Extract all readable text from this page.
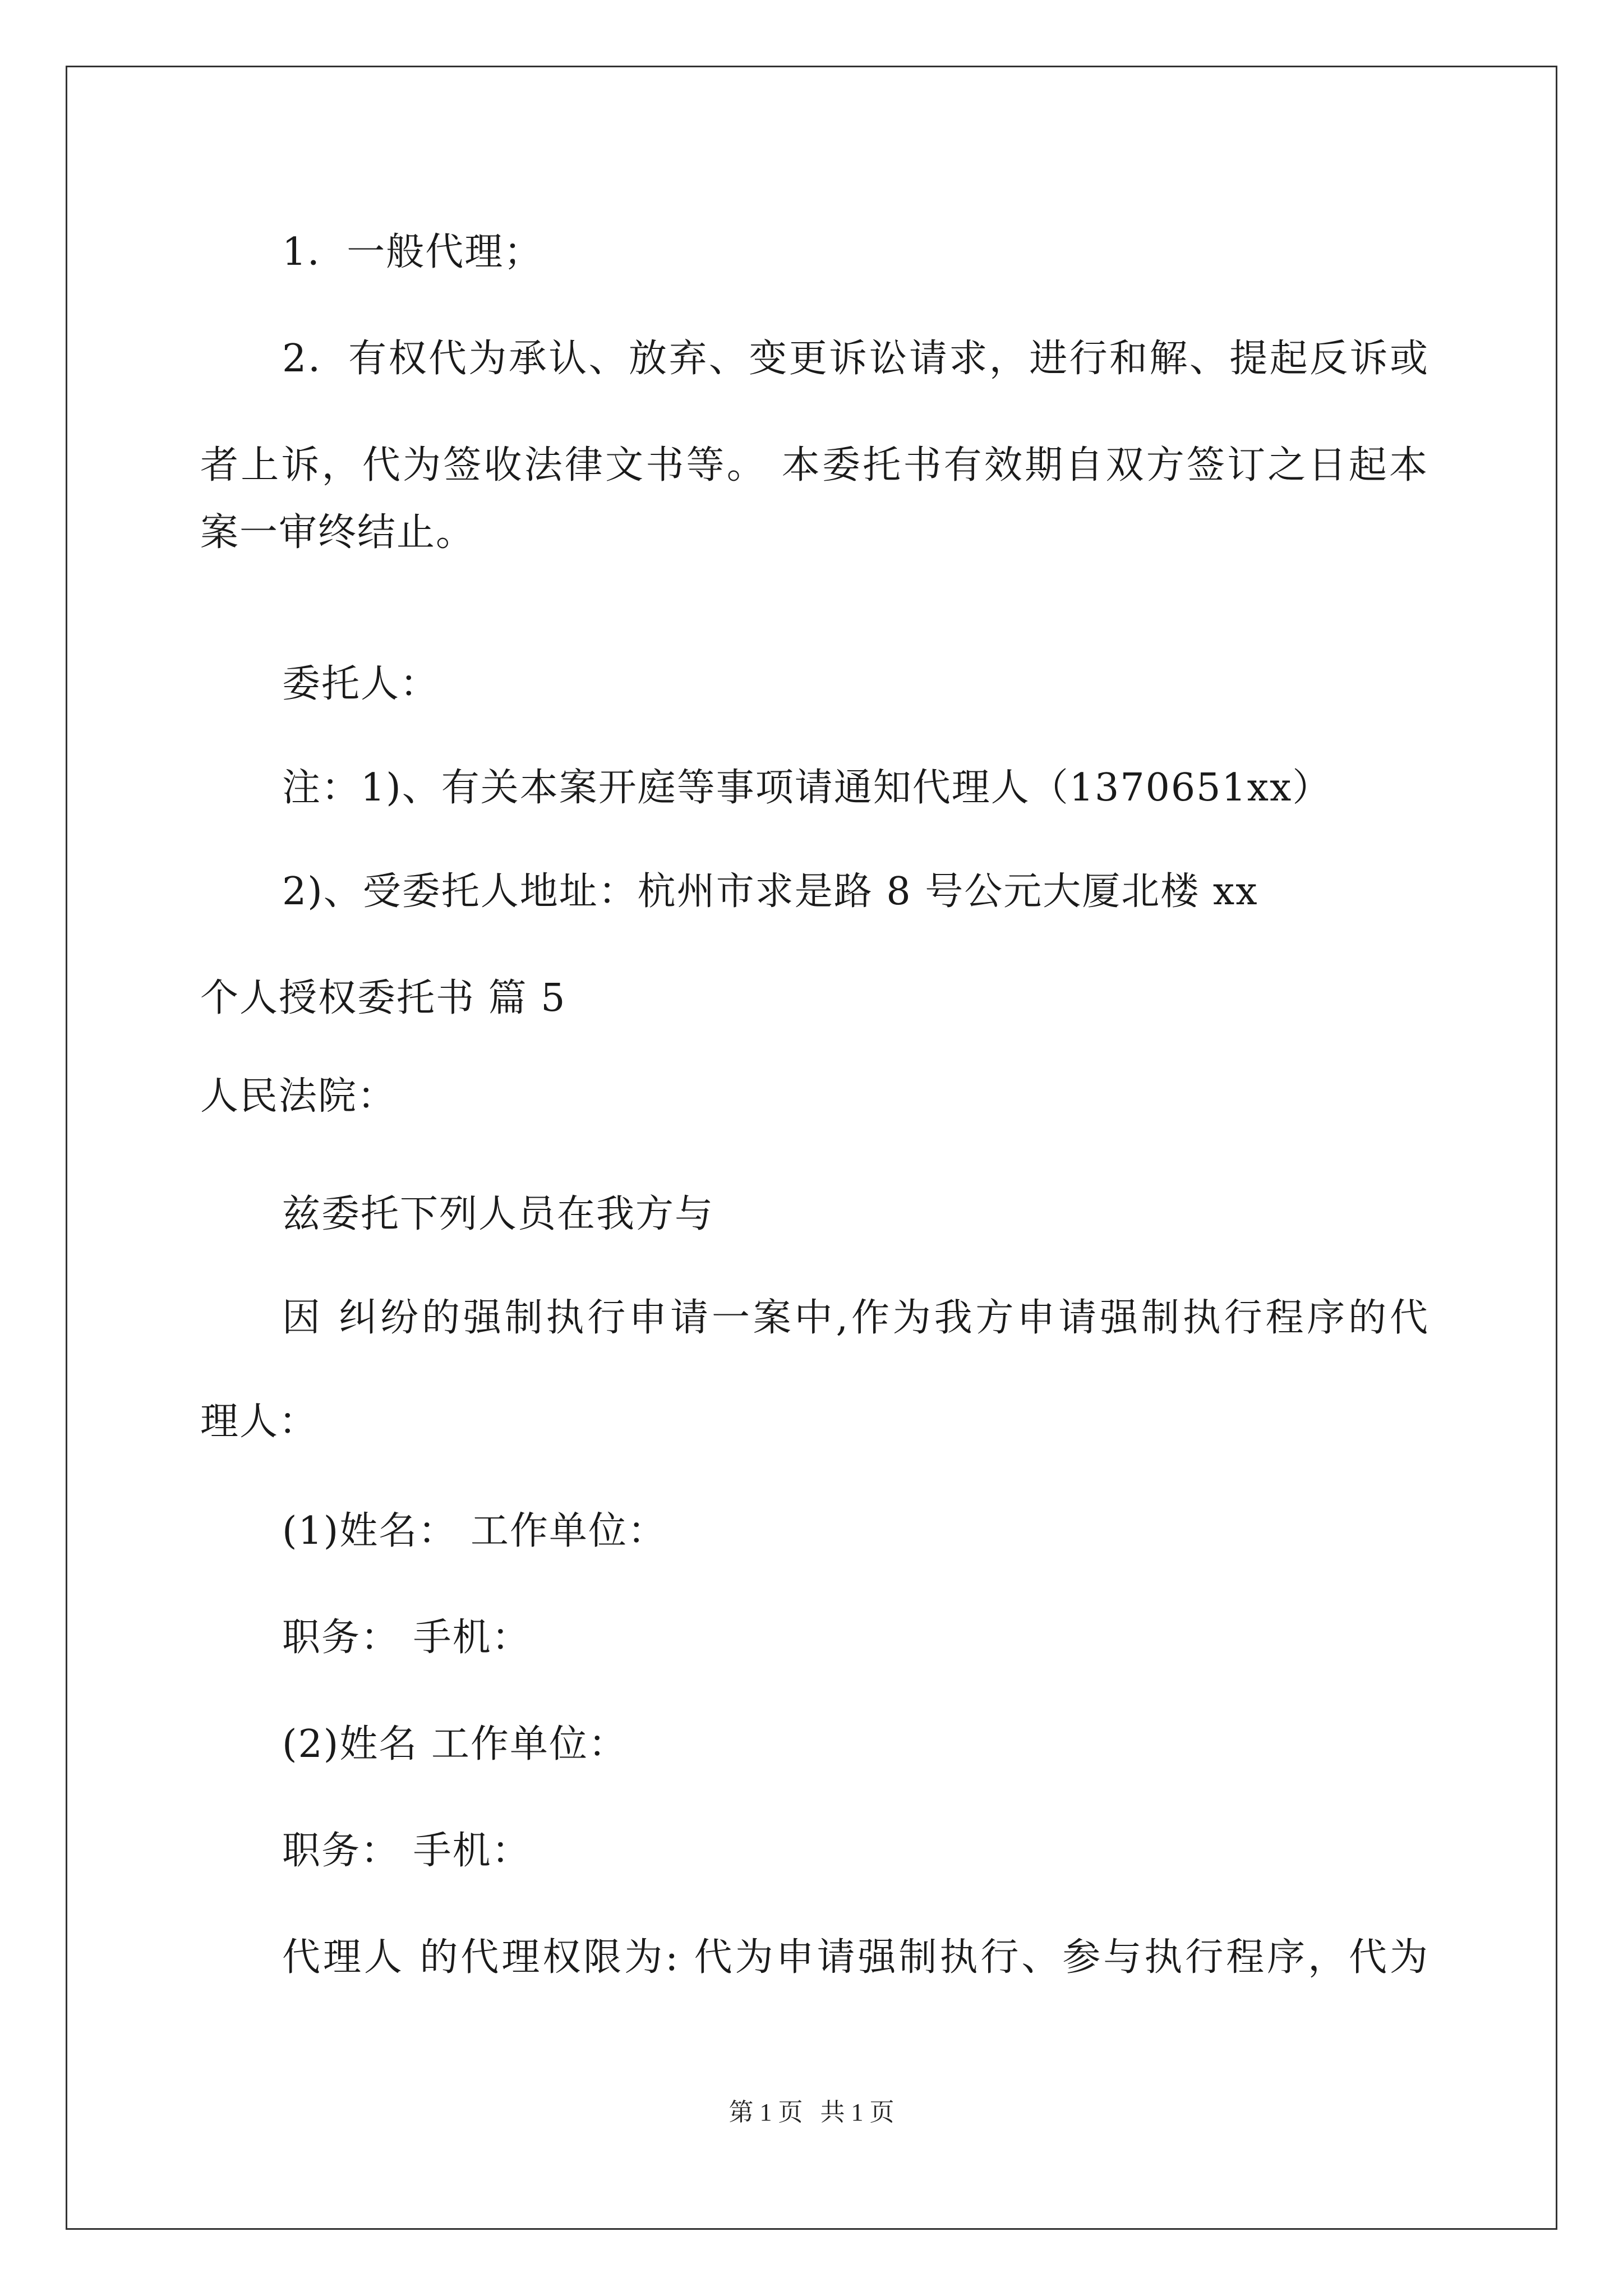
1．一般代理；
2．有权代为承认、放弃、变更诉讼请求，进行和解、提起反诉或
者上诉，代为签收法律文书等。 本委托书有效期自双方签订之日起本
案一审终结止。
委托人：
注：1)、有关本案开庭等事项请通知代理人（1370651xx）
2)、受委托人地址：杭州市求是路 8 号公元大厦北楼 xx
个人授权委托书 篇 5
人民法院：
兹委托下列人员在我方与
因 纠纷的强制执行申请一案中,作为我方申请强制执行程序的代
理人：
(1)姓名： 工作单位：
职务： 手机：
(2)姓名 工作单位：
职务： 手机：
代理人 的代理权限为: 代为申请强制执行、参与执行程序，代为
第 1 页 共 1 页
